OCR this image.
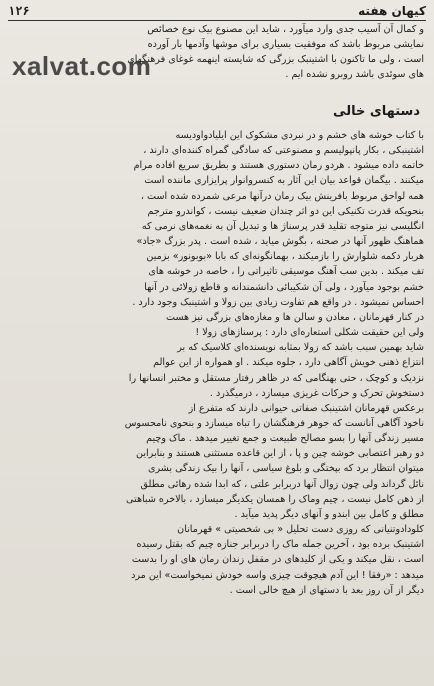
۱۲۶	کیهان هفته

و کمال آن آسیب جدی وارد میآورد ، شاید این مصنوع بیک نوع خصائص

نمایشی مربوط باشد که موفقیت بسیاری برای موشها وآدمها بار آورده

است ، ولی ما تاکنون با اشتینبک بزرگی که شایسته اینهمه غوغای فرهنگهای

های سوئدی باشد روبرو نشده ایم .

xalvat.com
دستهای خالی

با کتاب خوشه های خشم و در نبردی مشکوک این ایلیادواودیسه

اشتینبکی ، بکار پانپولیسم و مصنوعتی که سادگی گمراه کننده‌ای دارند ،

خاتمه داده میشود . هردو رمان دستوری هستند و بطریق سریع افاده مرام

میکنند . بیگمان قواعد بیان این آثار به کنسروانوار پرایزاری ماننده است

همه لواحق مربوط بافرینش بیک رمان درآنها مرعی شمرده شده است ،

بنحویکه قدرت تکنیکی این دو اثر چندان ضعیف نیست ، کواندرو مترجم

انگلیسی نیز متوجه تقلید قدر پرسناژ ها و تبدیل آن به نغمه‌های نرمی که

هماهنگ ظهور آنها در صحنه ، بگوش میاید ، شده است . پدر بزرگ «جاد»

هربار دکمه شلوارش را بازمیکند ، بهمانگونه‌ای که بابا «بوبونور» بزمین

تف میکند . بدین سب آهنگ موسیقی تاثیراتی را ، خاصه در خوشه های

خشم بوجود میآورد ، ولی آن شکیبائی دانشمندانه و قاطع زولائی در آنها

احساس نمیشود . در واقع هم تفاوت زیادی بین زولا و اشتینبک وجود دارد .

در کنار قهرمانان ، معادن و سالن ها و مغازه‌های بزرگی نیز هست

ولی این حقیقت شکلی استعاره‌ای دارد : پرسناژهای زولا !

شاید بهمین سبب باشد که زولا بمثابه نویسنده‌ای کلاسیک که بر

انتزاع ذهنی خویش آگاهی دارد ، جلوه میکند . او همواره از این عوالم

نزدیک و کوچک ، حتی بهنگامی که در ظاهر رفتار مستقل و مختبر انسانها را

دستخوش تحرک و حرکات غریزی میسازد ، درمیگذرد .

برعکس قهرمانان اشتینبک صفاتی حیوانی دارند که متفرع از

ناخود آگاهی آنانست که جوهر فرهنگشان را تباه میسازد و بنحوی نامحسوس

مسیر زندگی آنها را بسو مصالح طبیعت و جمع تغییر میدهد . ماک وچیم

دو رهبر اعتصابی خوشه چین و پا ، از این قاعده مستثنی هستند و بنابراین

میتوان انتظار برد که بپختگی و بلوغ سیاسی ، آنها را بیک زندگی بشری

نائل گرداند ولی چون زوال آنها دربرابر علتی ، که ابدا شده رهائی مطلق

از ذهن کامل نیست ، چیم وماک را همسان یکدیگر میسازد ، بالاخره شباهتی

مطلق و کامل بین ابندو و آنهای دیگر پدید میآید .

کلودادوتنیانی که روزی دست تحلیل « بی شخصیتی » قهرمانان

اشتینبک برده بود ، آخرین جمله ماک را دربرابر جنازه چیم که بقتل رسیده

است ، نقل میکند و یکی از کلیدهای در مقفل زندان رمان های او را بدست

میدهد : «رفقا ! این آدم هیچوقت چیزی واسه خودش نمیخواست» این مرد

دیگر از آن روز بعد با دستهای از هیچ خالی است .
